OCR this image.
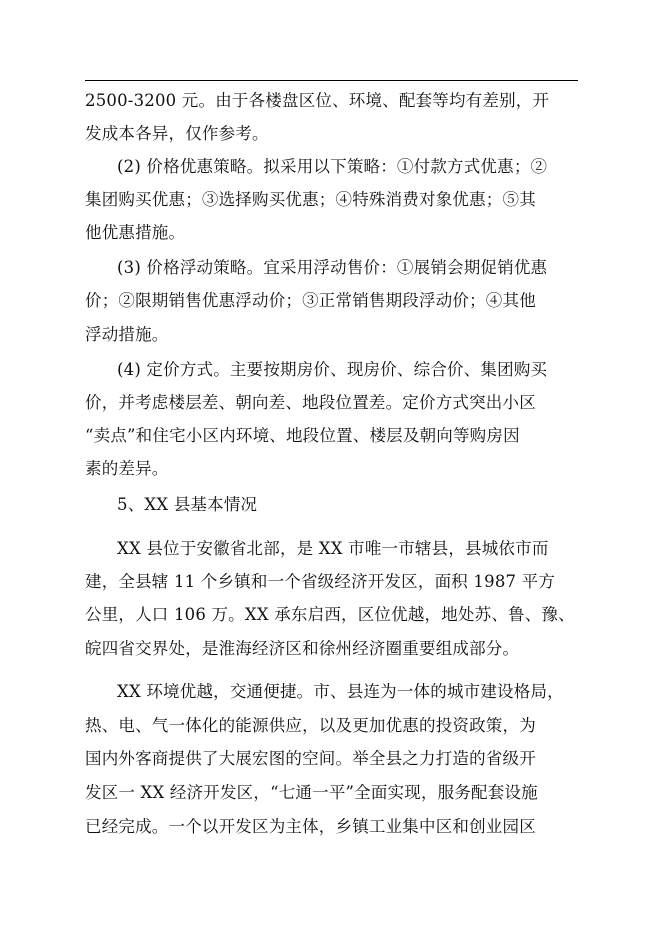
2500-3200 元。由于各楼盘区位、环境、配套等均有差别，开
发成本各异，仅作参考。
(2) 价格优惠策略。拟采用以下策略：①付款方式优惠；②
集团购买优惠；③选择购买优惠；④特殊消费对象优惠；⑤其
他优惠措施。
(3) 价格浮动策略。宜采用浮动售价：①展销会期促销优惠
价；②限期销售优惠浮动价；③正常销售期段浮动价；④其他
浮动措施。
(4) 定价方式。主要按期房价、现房价、综合价、集团购买
价，并考虑楼层差、朝向差、地段位置差。定价方式突出小区
“卖点”和住宅小区内环境、地段位置、楼层及朝向等购房因
素的差异。
5、XX 县基本情况
XX 县位于安徽省北部，是 XX 市唯一市辖县，县城依市而
建，全县辖 11 个乡镇和一个省级经济开发区，面积 1987 平方
公里，人口 106 万。XX 承东启西，区位优越，地处苏、鲁、豫、
皖四省交界处，是淮海经济区和徐州经济圈重要组成部分。
XX 环境优越，交通便捷。市、县连为一体的城市建设格局，
热、电、气一体化的能源供应，以及更加优惠的投资政策，为
国内外客商提供了大展宏图的空间。举全县之力打造的省级开
发区一 XX 经济开发区，“七通一平”全面实现，服务配套设施
已经完成。一个以开发区为主体，乡镇工业集中区和创业园区
